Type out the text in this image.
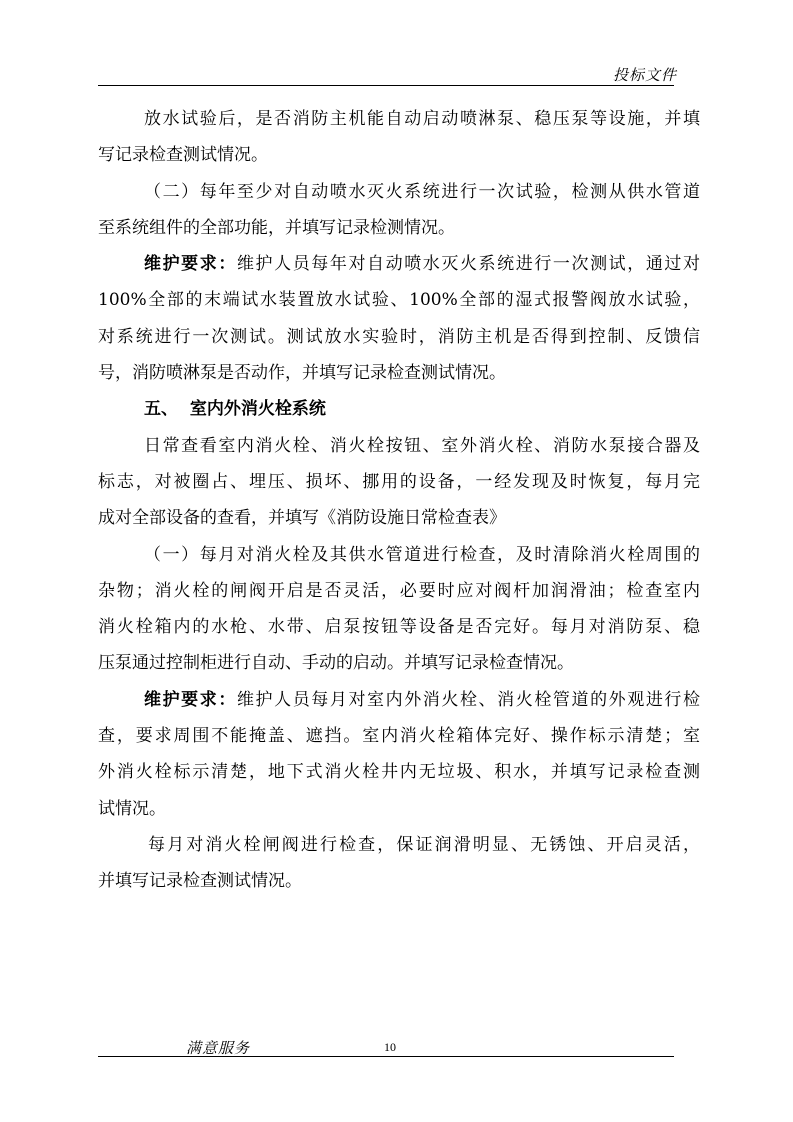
投标文件
放水试验后，是否消防主机能自动启动喷淋泵、稳压泵等设施，并填
写记录检查测试情况。
（二）每年至少对自动喷水灭火系统进行一次试验，检测从供水管道
至系统组件的全部功能，并填写记录检测情况。
维护要求：维护人员每年对自动喷水灭火系统进行一次测试，通过对
100%全部的末端试水装置放水试验、100%全部的湿式报警阀放水试验，
对系统进行一次测试。测试放水实验时，消防主机是否得到控制、反馈信
号，消防喷淋泵是否动作，并填写记录检查测试情况。
五、  室内外消火栓系统
日常查看室内消火栓、消火栓按钮、室外消火栓、消防水泵接合器及
标志，对被圈占、埋压、损坏、挪用的设备，一经发现及时恢复，每月完
成对全部设备的查看，并填写《消防设施日常检查表》
（一）每月对消火栓及其供水管道进行检查，及时清除消火栓周围的
杂物；消火栓的闸阀开启是否灵活，必要时应对阀杆加润滑油；检查室内
消火栓箱内的水枪、水带、启泵按钮等设备是否完好。每月对消防泵、稳
压泵通过控制柜进行自动、手动的启动。并填写记录检查情况。
维护要求：维护人员每月对室内外消火栓、消火栓管道的外观进行检
查，要求周围不能掩盖、遮挡。室内消火栓箱体完好、操作标示清楚；室
外消火栓标示清楚，地下式消火栓井内无垃圾、积水，并填写记录检查测
试情况。
每月对消火栓闸阀进行检查，保证润滑明显、无锈蚀、开启灵活，
并填写记录检查测试情况。
满意服务	10
